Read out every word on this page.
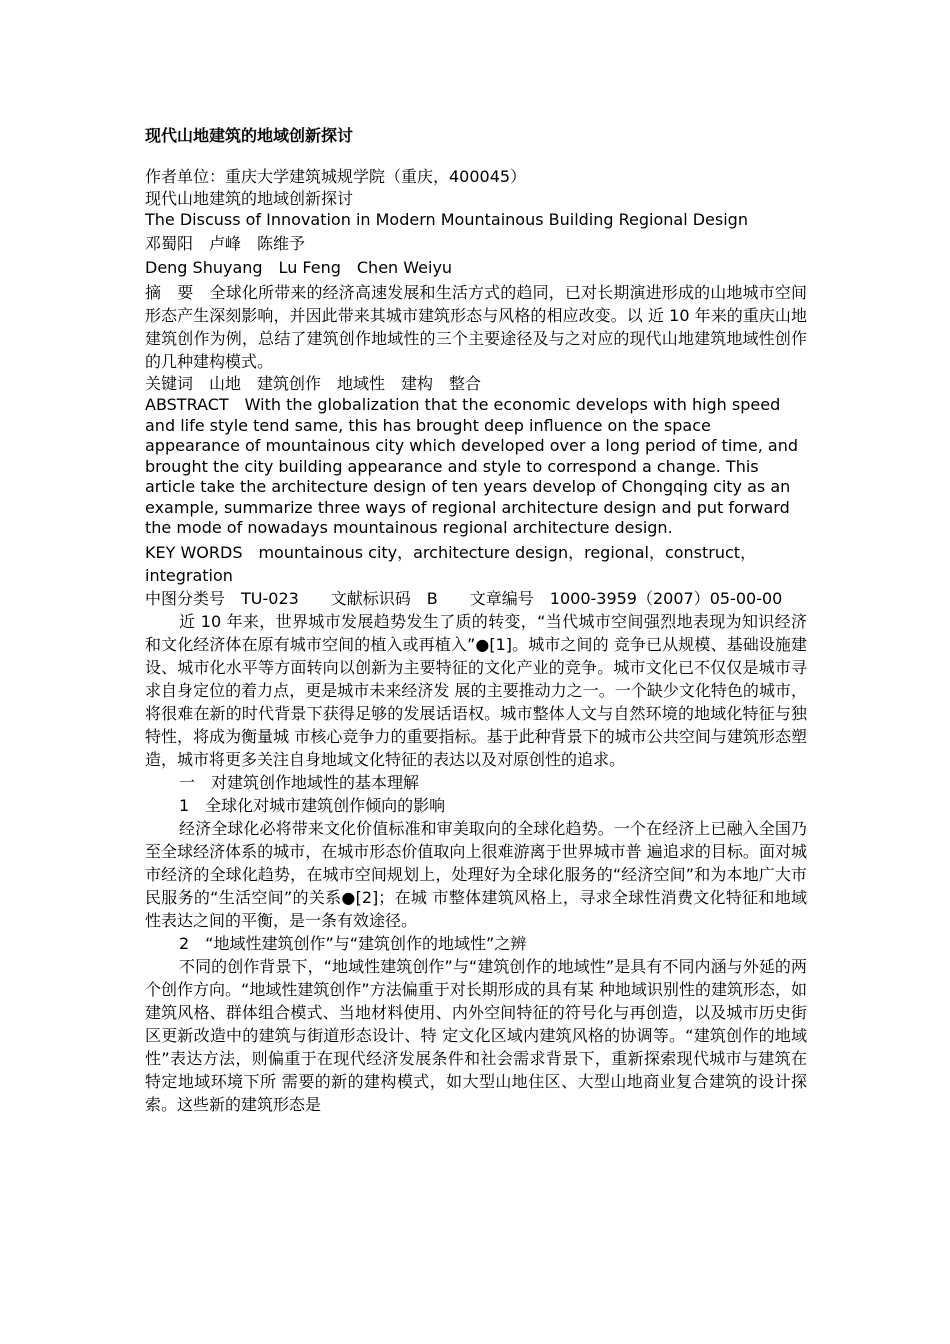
现代山地建筑的地域创新探讨

作者单位：重庆大学建筑城规学院（重庆，400045）

现代山地建筑的地域创新探讨

The Discuss of Innovation in Modern Mountainous Building Regional Design

邓蜀阳　卢峰　陈维予

Deng Shuyang　Lu Feng　Chen Weiyu

摘　要　全球化所带来的经济高速发展和生活方式的趋同，已对长期演进形成的山地城市空间形态产生深刻影响，并因此带来其城市建筑形态与风格的相应改变。以 近 10 年来的重庆山地建筑创作为例，总结了建筑创作地域性的三个主要途径及与之对应的现代山地建筑地域性创作的几种建构模式。

关键词　山地　建筑创作　地域性　建构　整合

ABSTRACT　With the globalization that the economic develops with high speed and life style tend same, this has brought deep influence on the space appearance of mountainous city which developed over a long period of time, and brought the city building appearance and style to correspond a change. This article take the architecture design of ten years develop of Chongqing city as an example, summarize three ways of regional architecture design and put forward the mode of nowadays mountainous regional architecture design.

KEY WORDS　mountainous city，architecture design，regional，construct，integration

中图分类号　TU-023　　文献标识码　B　　文章编号　1000-3959（2007）05-00-00

近 10 年来，世界城市发展趋势发生了质的转变，“当代城市空间强烈地表现为知识经济和文化经济体在原有城市空间的植入或再植入”●[1]。城市之间的 竞争已从规模、基础设施建设、城市化水平等方面转向以创新为主要特征的文化产业的竞争。城市文化已不仅仅是城市寻求自身定位的着力点，更是城市未来经济发 展的主要推动力之一。一个缺少文化特色的城市，将很难在新的时代背景下获得足够的发展话语权。城市整体人文与自然环境的地域化特征与独特性，将成为衡量城 市核心竞争力的重要指标。基于此种背景下的城市公共空间与建筑形态塑造，城市将更多关注自身地域文化特征的表达以及对原创性的追求。

一　对建筑创作地域性的基本理解

1　全球化对城市建筑创作倾向的影响

经济全球化必将带来文化价值标准和审美取向的全球化趋势。一个在经济上已融入全国乃至全球经济体系的城市，在城市形态价值取向上很难游离于世界城市普 遍追求的目标。面对城市经济的全球化趋势，在城市空间规划上，处理好为全球化服务的“经济空间”和为本地广大市民服务的“生活空间”的关系●[2]；在城 市整体建筑风格上，寻求全球性消费文化特征和地域性表达之间的平衡，是一条有效途径。

2　“地域性建筑创作”与“建筑创作的地域性”之辨

不同的创作背景下，“地域性建筑创作”与“建筑创作的地域性”是具有不同内涵与外延的两个创作方向。“地域性建筑创作”方法偏重于对长期形成的具有某 种地域识别性的建筑形态，如建筑风格、群体组合模式、当地材料使用、内外空间特征的符号化与再创造，以及城市历史街区更新改造中的建筑与街道形态设计、特 定文化区域内建筑风格的协调等。“建筑创作的地域性”表达方法，则偏重于在现代经济发展条件和社会需求背景下，重新探索现代城市与建筑在特定地域环境下所 需要的新的建构模式，如大型山地住区、大型山地商业复合建筑的设计探索。这些新的建筑形态是
